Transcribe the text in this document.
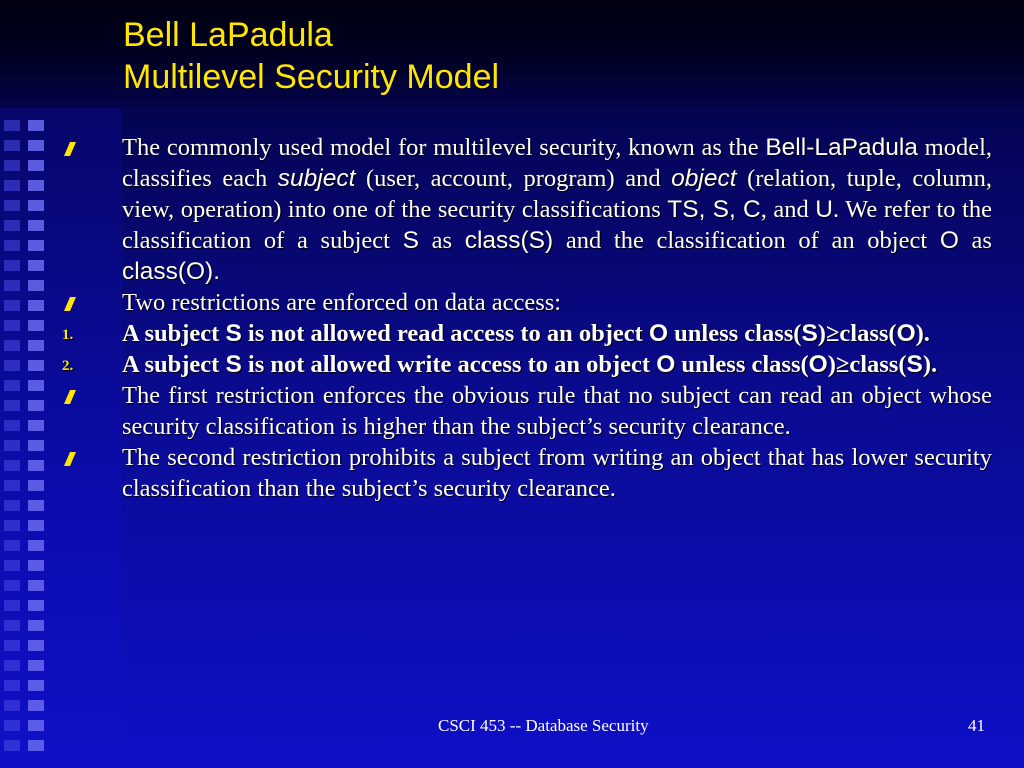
Bell LaPadula
Multilevel Security Model
The commonly used model for multilevel security, known as the Bell-LaPadula model, classifies each subject (user, account, program) and object (relation, tuple, column, view, operation) into one of the security classifications TS, S, C, and U. We refer to the classification of a subject S as class(S) and the classification of an object O as class(O).
Two restrictions are enforced on data access:
1. A subject S is not allowed read access to an object O unless class(S)≥class(O).
2. A subject S is not allowed write access to an object O unless class(O)≥class(S).
The first restriction enforces the obvious rule that no subject can read an object whose security classification is higher than the subject’s security clearance.
The second restriction prohibits a subject from writing an object that has lower security classification than the subject’s security clearance.
CSCI 453 -- Database Security	41
